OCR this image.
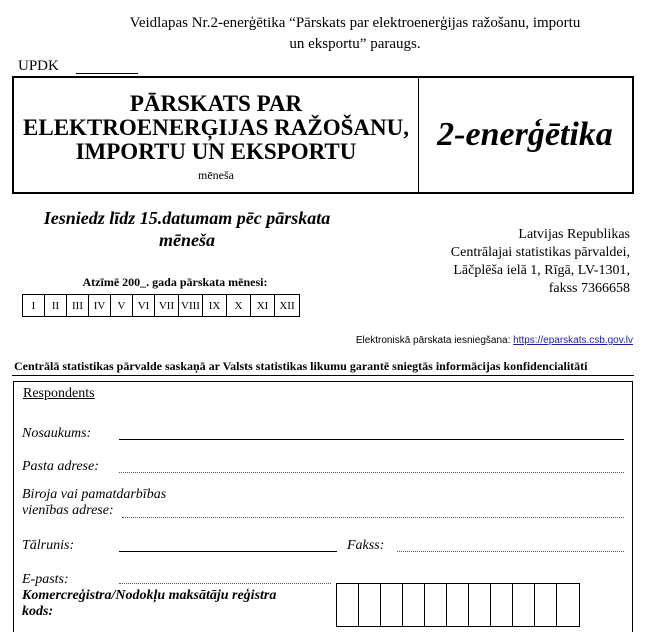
Veidlapas Nr.2-enerģētika “Pārskats par elektroenerģijas ražošanu, importu
un eksportu” paraugs.
UPDK
PĀRSKATS PAR
ELEKTROENERĢIJAS RAŽOŠANU,
IMPORTU UN EKSPORTU
mēneša
2-enerģētika
Iesniedz līdz 15.datumam pēc pārskata
mēneša	Latvijas Republikas
Centrālajai statistikas pārvaldei,
Lāčplēša ielā 1, Rīgā, LV-1301,
fakss 7366658
Atzīmē 200_. gada pārskata mēnesi:
I	II	III IV	V	VI VII VIII IX	X	XI	XII
Elektroniskā pārskata iesniegšana: https://eparskats.csb.gov.lv
Centrālā statistikas pārvalde saskaņā ar Valsts statistikas likumu garantē sniegtās informācijas konfidencialitāti
Respondents
Nosaukums:
Pasta adrese:
Biroja vai pamatdarbības
vienības adrese:
Tālrunis:	Fakss:
E-pasts:
Komercreģistra/Nodokļu maksātāju reģistra
kods:
